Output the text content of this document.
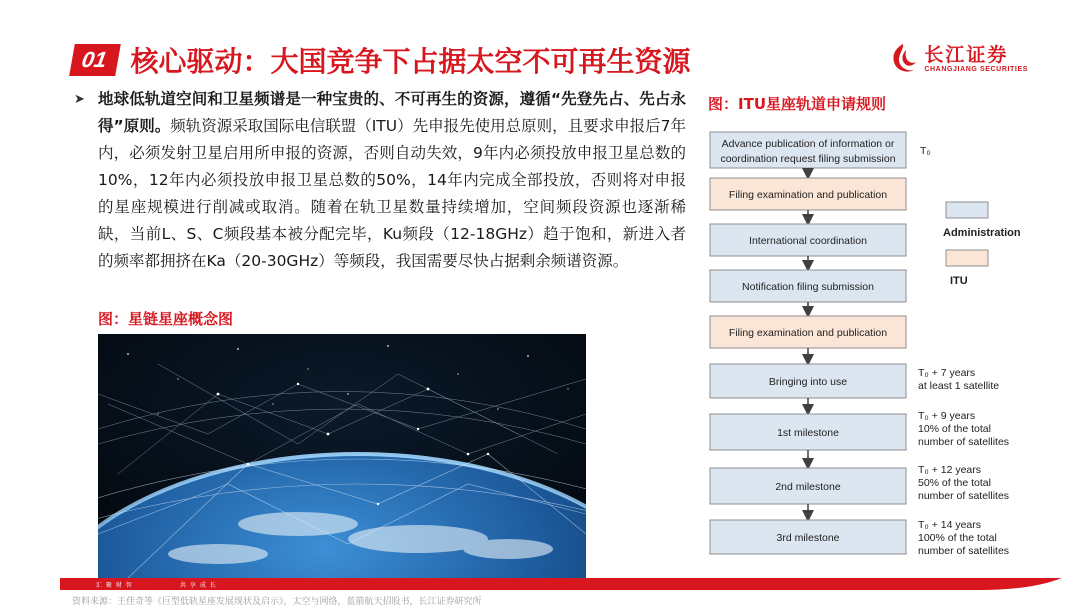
01 核心驱动：大国竞争下占据太空不可再生资源	长江证券
CHANGJIANG SECURITIES
➤ 地球低轨道空间和卫星频谱是一种宝贵的、不可再生的资源，遵循“先登先占、先占永得”原则。频轨资源采取国际电信联盟（ITU）先申报先使用总原则，且要求申报后7年内，必须发射卫星启用所申报的资源，否则自动失效，9年内必须投放申报卫星总数的10%，12年内必须投放申报卫星总数的50%，14年内完成全部投放，否则将对申报的星座规模进行削减或取消。随着在轨卫星数量持续增加，空间频段资源也逐渐稀缺，当前L、S、C频段基本被分配完毕，Ku频段（12-18GHz）趋于饱和，新进入者的频率都拥挤在Ka（20-30GHz）等频段，我国需要尽快占据剩余频谱资源。
图：星链星座概念图
图：ITU星座轨道申请规则
Advance publication of information or
coordination request filing submission
Filing examination and publication
International coordination
Notification filing submission
Filing examination and publication
Bringing into use
1st milestone
2nd milestone
3rd milestone
T₀
T₀ + 7 years
at least 1 satellite
T₀ + 9 years
10% of the total
number of satellites
T₀ + 12 years
50% of the total
number of satellites
T₀ + 14 years
100% of the total
number of satellites
Administration
ITU
汇 聚 财 智	共 享 成 长
资料来源：王佳奇等《巨型低轨星座发展现状及启示》，太空与网络，蓝箭航天招股书，长江证券研究所
